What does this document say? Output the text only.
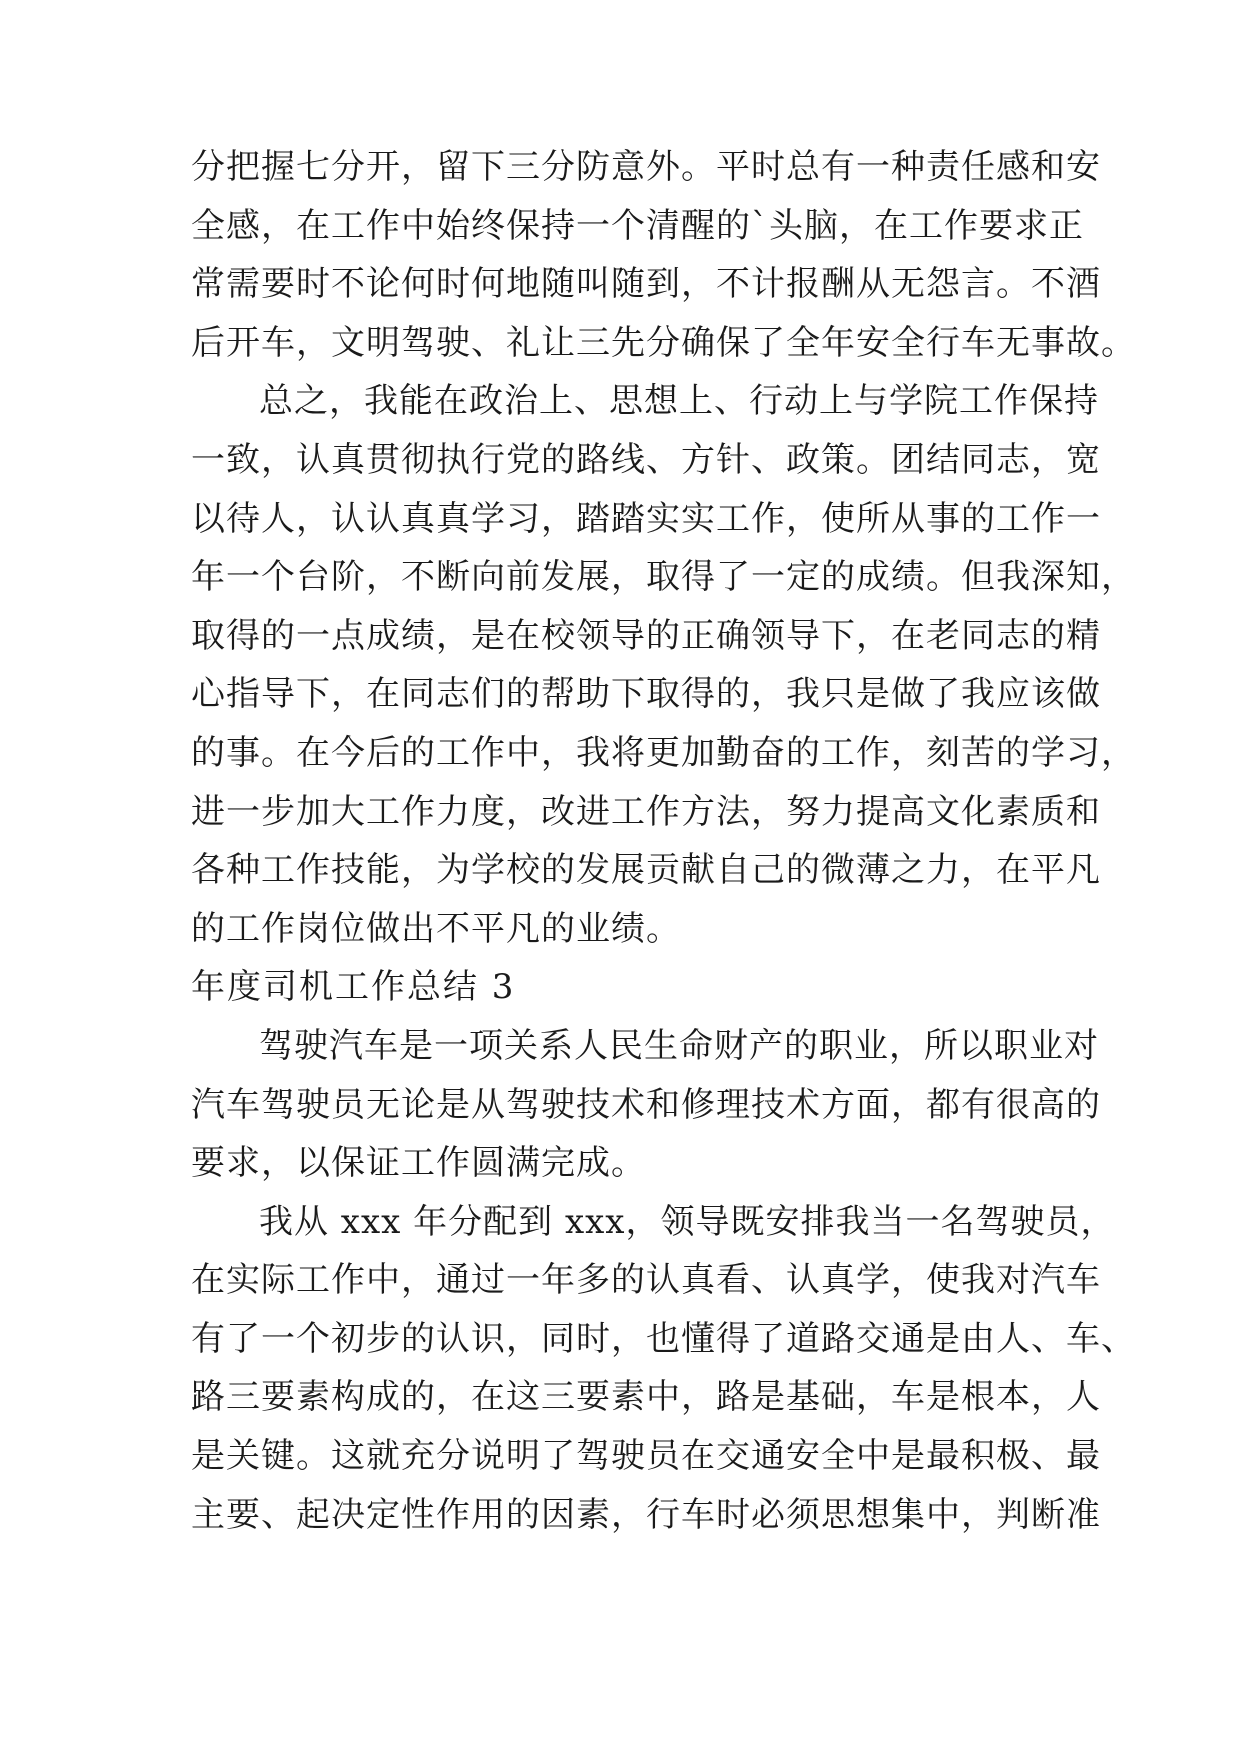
分把握七分开，留下三分防意外。平时总有一种责任感和安
全感，在工作中始终保持一个清醒的`头脑，在工作要求正
常需要时不论何时何地随叫随到，不计报酬从无怨言。不酒
后开车，文明驾驶、礼让三先分确保了全年安全行车无事故。
总之，我能在政治上、思想上、行动上与学院工作保持
一致，认真贯彻执行党的路线、方针、政策。团结同志，宽
以待人，认认真真学习，踏踏实实工作，使所从事的工作一
年一个台阶，不断向前发展，取得了一定的成绩。但我深知，
取得的一点成绩，是在校领导的正确领导下，在老同志的精
心指导下，在同志们的帮助下取得的，我只是做了我应该做
的事。在今后的工作中，我将更加勤奋的工作，刻苦的学习，
进一步加大工作力度，改进工作方法，努力提高文化素质和
各种工作技能，为学校的发展贡献自己的微薄之力，在平凡
的工作岗位做出不平凡的业绩。
年度司机工作总结 3
驾驶汽车是一项关系人民生命财产的职业，所以职业对
汽车驾驶员无论是从驾驶技术和修理技术方面，都有很高的
要求，以保证工作圆满完成。
我从 xxx 年分配到 xxx，领导既安排我当一名驾驶员，
在实际工作中，通过一年多的认真看、认真学，使我对汽车
有了一个初步的认识，同时，也懂得了道路交通是由人、车、
路三要素构成的，在这三要素中，路是基础，车是根本，人
是关键。这就充分说明了驾驶员在交通安全中是最积极、最
主要、起决定性作用的因素，行车时必须思想集中，判断准
